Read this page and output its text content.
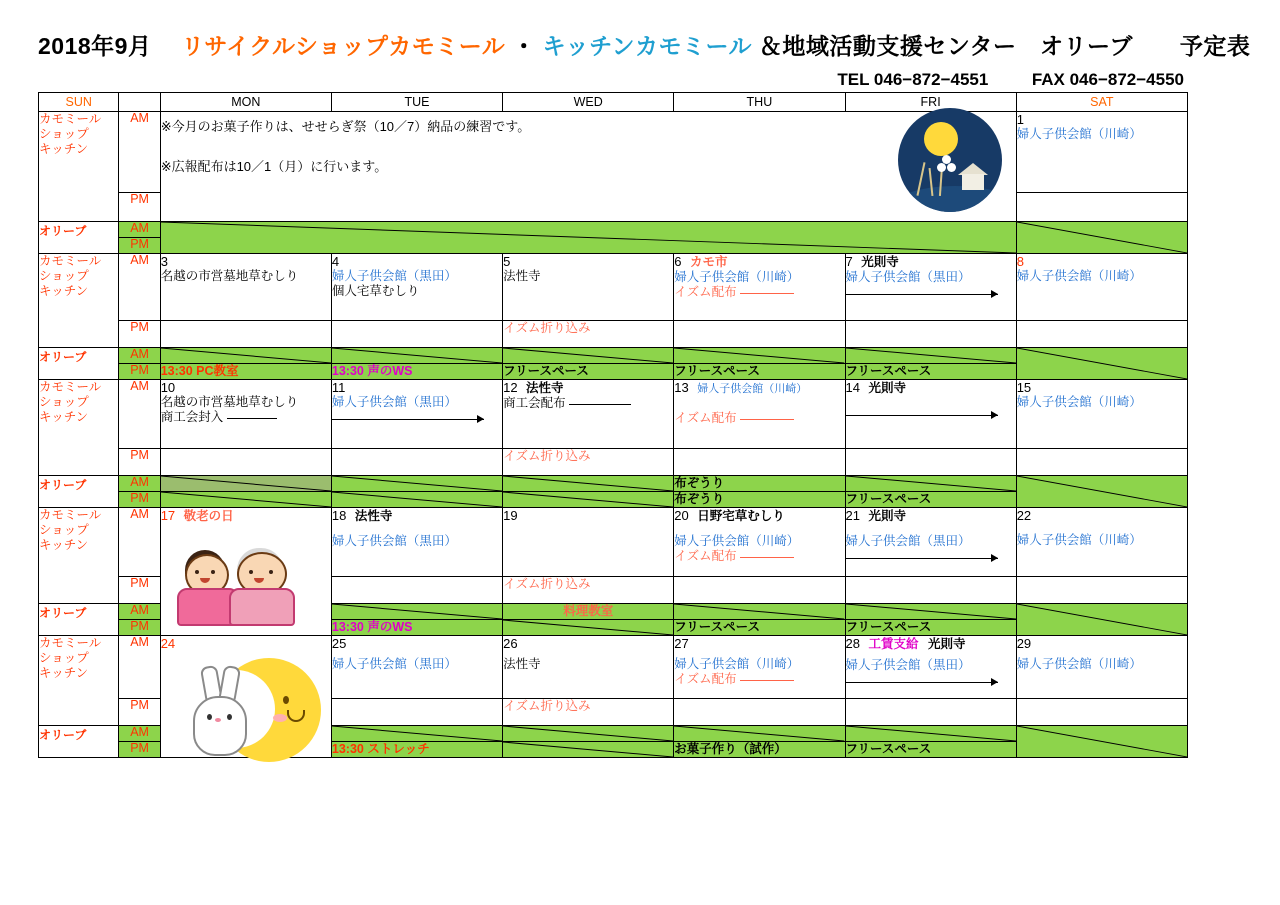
2018年9月 リサイクルショップカモミール ・ キッチンカモミール ＆地域活動支援センター　オリーブ　　予定表
TEL 046−872−4551	FAX 046−872−4550
SUN		MON	TUE	WED	THU	FRI	SAT

カモミール
ショップ
キッチン
	AM	
※今月のお菓子作りは、せせらぎ祭（10／7）納品の練習です。
※広報配布は10／1（月）に行います。
	1
婦人子供会館（川崎）

	PM						
オリーブ	AM	

	PM						

カモミール
ショップ
キッチン
	AM	3
名越の市営墓地草むしり
	4
婦人子供会館（黒田）
個人宅草むしり
	5
法性寺
	6 カモ市
婦人子供会館（川崎）
イズム配布
	7 光則寺
婦人子供会館（黒田）
	8
婦人子供会館（川崎）

	PM			イズム折り込み			

オリーブ	AM	

	PM	13:30 PC教室	13:30 声のWS	フリースペース	フリースペース	フリースペース	

カモミール
ショップ
キッチン
	AM	10
名越の市営墓地草むしり
商工会封入
	11
婦人子供会館（黒田）
	12 法性寺
商工会配布
	13 婦人子供会館（川崎）
イズム配布
	14 光則寺	15
婦人子供会館（川崎）

	PM			イズム折り込み			

オリーブ	AM				布ぞうり

	PM				布ぞうり	フリースペース	

カモミール
ショップ
キッチン
	AM	17 敬老の日	18 法性寺
婦人子供会館（黒田）
	19	20 日野宅草むしり
婦人子供会館（川崎）
イズム配布
	21 光則寺
婦人子供会館（黒田）
	22
婦人子供会館（川崎）

	PM			イズム折り込み			

オリーブ	AM			料理教室

	PM		13:30 声のWS		フリースペース	フリースペース	

カモミール
ショップ
キッチン
	AM	24	25
婦人子供会館（黒田）
	26
法性寺
	27
婦人子供会館（川崎）
イズム配布
	28 工賃支給 光則寺
婦人子供会館（黒田）
	29
婦人子供会館（川崎）

	PM			イズム折り込み			

オリーブ	AM	

	PM		13:30 ストレッチ		お菓子作り（試作）	フリースペース	
